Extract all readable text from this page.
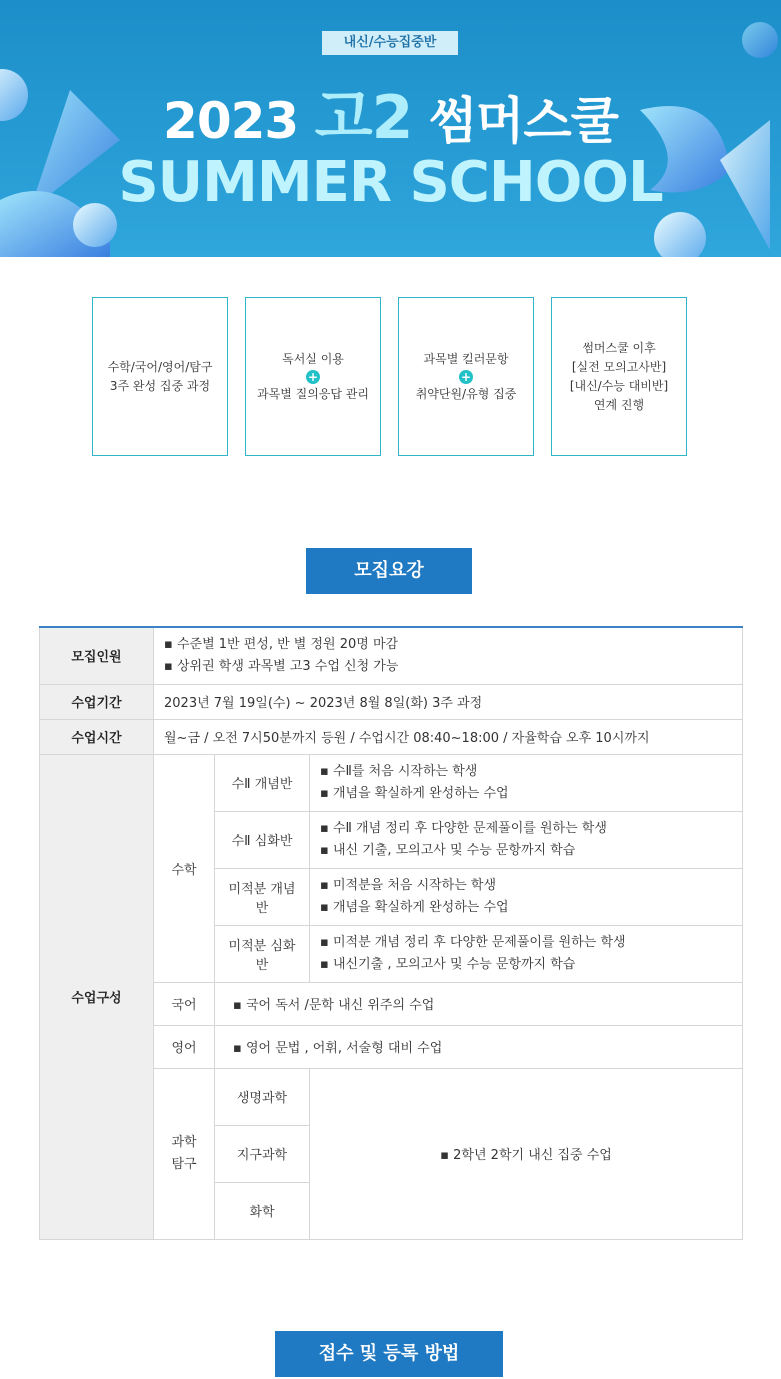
내신/수능집중반
2023 고2 썸머스쿨
SUMMER SCHOOL
수학/국어/영어/탐구
3주 완성 집중 과정
독서실 이용
+
과목별 질의응답 관리
과목별 킬러문항
+
취약단원/유형 집중
썸머스쿨 이후
[실전 모의고사반]
[내신/수능 대비반]
연계 진행
모집요강
모집인원	▪ 수준별 1반 편성, 반 별 정원 20명 마감
▪ 상위권 학생 과목별 고3 수업 신청 가능

수업기간	2023년 7월 19일(수) ~ 2023년 8월 8일(화) 3주 과정		
수업시간	월~금 / 오전 7시50분까지 등원 / 수업시간 08:40~18:00 / 자율학습 오후 10시까지		
수업구성	수학	수Ⅱ 개념반	▪ 수Ⅱ를 처음 시작하는 학생
▪ 개념을 확실하게 완성하는 수업

		수Ⅱ 심화반	▪ 수Ⅱ 개념 정리 후 다양한 문제풀이를 원하는 학생
▪ 내신 기출, 모의고사 및 수능 문항까지 학습

		미적분 개념반	▪ 미적분을 처음 시작하는 학생
▪ 개념을 확실하게 완성하는 수업

		미적분 심화반	▪ 미적분 개념 정리 후 다양한 문제풀이를 원하는 학생
▪ 내신기출 , 모의고사 및 수능 문항까지 학습

	국어	▪ 국어 독서 /문학 내신 위주의 수업
	영어	▪ 영어 문법 , 어휘, 서술형 대비 수업

	과학
탐구	생명과학	▪ 2학년 2학기 내신 집중 수업
		지구과학	
		화학	
접수 및 등록 방법
